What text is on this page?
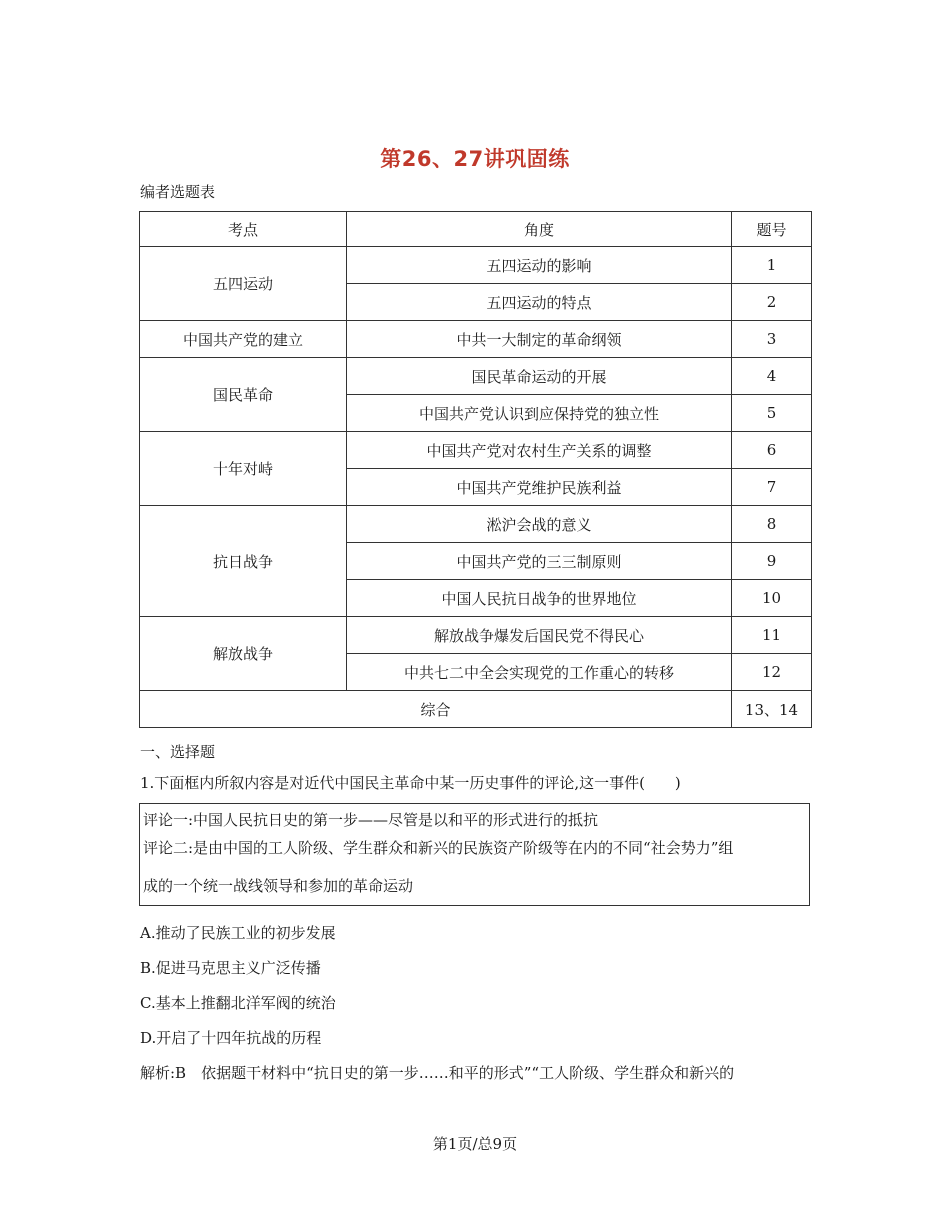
第26、27讲巩固练
编者选题表
考点	角度	题号
五四运动	五四运动的影响	1
	五四运动的特点	2
中国共产党的建立	中共一大制定的革命纲领	3
国民革命	国民革命运动的开展	4
	中国共产党认识到应保持党的独立性	5
十年对峙	中国共产党对农村生产关系的调整	6
	中国共产党维护民族利益	7
抗日战争	淞沪会战的意义	8
	中国共产党的三三制原则	9
	中国人民抗日战争的世界地位	10
解放战争	解放战争爆发后国民党不得民心	11
	中共七二中全会实现党的工作重心的转移	12
综合		13、14
一、选择题
1.下面框内所叙内容是对近代中国民主革命中某一历史事件的评论,这一事件(　　)
评论一:中国人民抗日史的第一步——尽管是以和平的形式进行的抵抗
评论二:是由中国的工人阶级、学生群众和新兴的民族资产阶级等在内的不同“社会势力”组
成的一个统一战线领导和参加的革命运动
A.推动了民族工业的初步发展
B.促进马克思主义广泛传播
C.基本上推翻北洋军阀的统治
D.开启了十四年抗战的历程
解析:B　依据题干材料中“抗日史的第一步……和平的形式”“工人阶级、学生群众和新兴的
第1页/总9页
